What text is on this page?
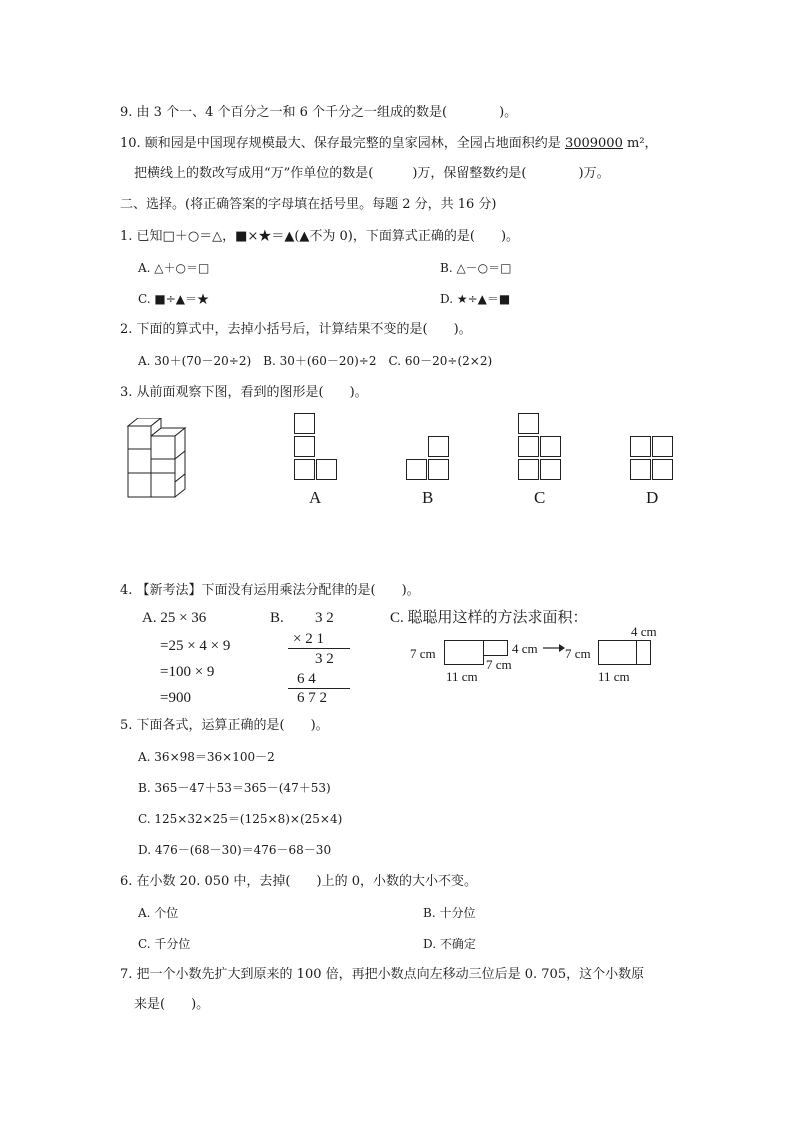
9. 由 3 个一、4 个百分之一和 6 个千分之一组成的数是(　　　　)。
10. 颐和园是中国现存规模最大、保存最完整的皇家园林，全园占地面积约是 3009000 m²，
把横线上的数改写成用“万”作单位的数是(　　　)万，保留整数约是(　　　　)万。
二、选择。(将正确答案的字母填在括号里。每题 2 分，共 16 分)
1. 已知□＋○＝△，■×★＝▲(▲不为 0)，下面算式正确的是(　　)。
A. △＋○＝□	B. △－○＝□
C. ■÷▲＝★	D. ★÷▲＝■
2. 下面的算式中，去掉小括号后，计算结果不变的是(　　)。
A. 30＋(70－20÷2)　B. 30＋(60－20)÷2　C. 60－20÷(2×2)
3. 从前面观察下图，看到的图形是(　　)。
A	B	C	D
4. 【新考法】下面没有运用乘法分配律的是(　　)。
A. 25 × 36
=25 × 4 × 9
=100 × 9
=900
B. 3 2
× 2 1
3 2
6 4
6 7 2
C. 聪聪用这样的方法求面积：
7 cm	4 cm
7 cm
11 cm
7 cm
4 cm
11 cm
5. 下面各式，运算正确的是(　　)。
A. 36×98＝36×100－2
B. 365－47＋53＝365－(47＋53)
C. 125×32×25＝(125×8)×(25×4)
D. 476－(68－30)＝476－68－30
6. 在小数 20. 050 中，去掉(　　)上的 0，小数的大小不变。
A. 个位	B. 十分位
C. 千分位	D. 不确定
7. 把一个小数先扩大到原来的 100 倍，再把小数点向左移动三位后是 0. 705，这个小数原
来是(　　)。
